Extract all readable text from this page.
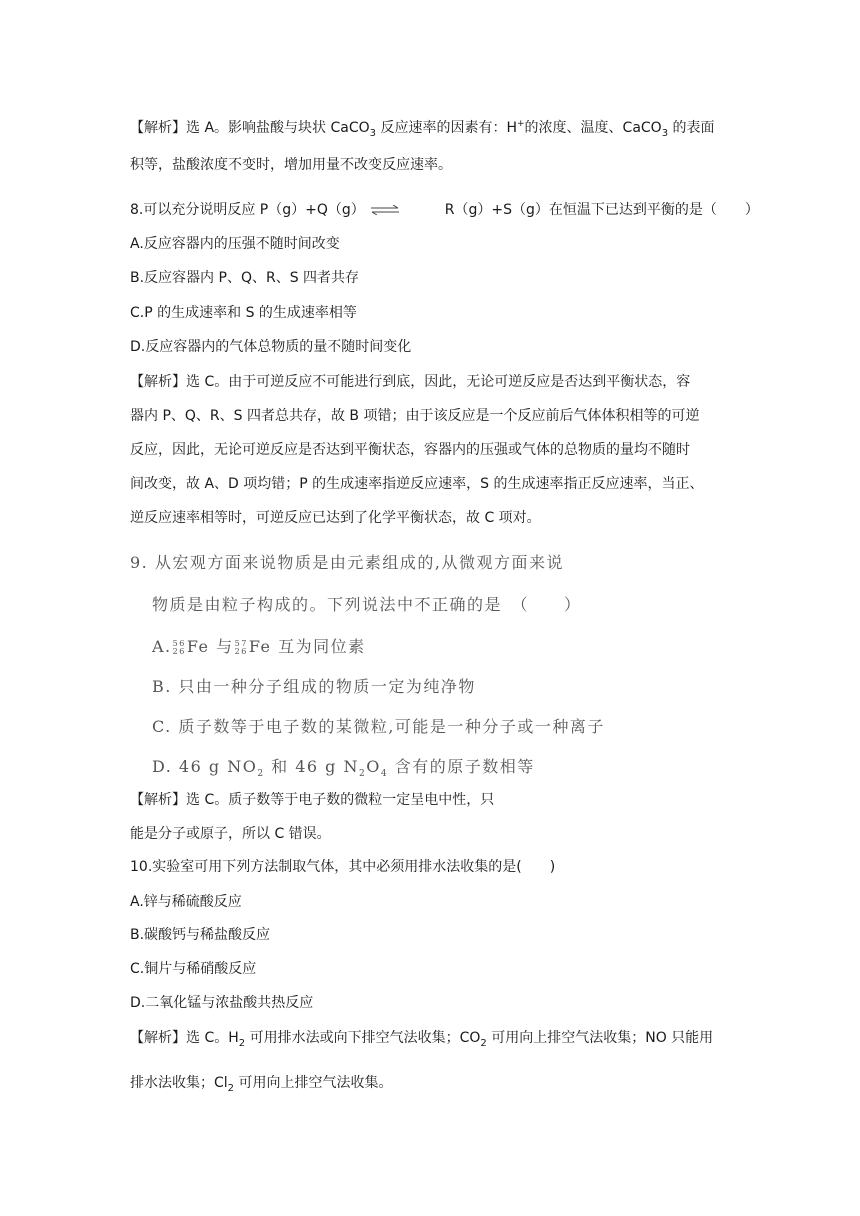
【解析】选 A。影响盐酸与块状 CaCO$_3$ 反应速率的因素有：H+的浓度、温度、CaCO$_3$ 的表面
积等，盐酸浓度不变时，增加用量不改变反应速率。
8.可以充分说明反应 P（g）+Q（g） ⇌	R（g）+S（g）在恒温下已达到平衡的是（　　）
A.反应容器内的压强不随时间改变
B.反应容器内 P、Q、R、S 四者共存
C.P 的生成速率和 S 的生成速率相等
D.反应容器内的气体总物质的量不随时间变化
【解析】选 C。由于可逆反应不可能进行到底，因此，无论可逆反应是否达到平衡状态，容
器内 P、Q、R、S 四者总共存，故 B 项错；由于该反应是一个反应前后气体体积相等的可逆
反应，因此，无论可逆反应是否达到平衡状态，容器内的压强或气体的总物质的量均不随时
间改变，故 A、D 项均错；P 的生成速率指逆反应速率，S 的生成速率指正反应速率，当正、
逆反应速率相等时，可逆反应已达到了化学平衡状态，故 C 项对。
9. 从宏观方面来说物质是由元素组成的,从微观方面来说
物质是由粒子构成的。下列说法中不正确的是　（　　）
A.56
26Fe 与57
26Fe 互为同位素
B. 只由一种分子组成的物质一定为纯净物
C. 质子数等于电子数的某微粒,可能是一种分子或一种离子
D. 46 g $NO_2$ 和 46 g $N_2O_4$ 含有的原子数相等
【解析】选 C。质子数等于电子数的微粒一定呈电中性，只
能是分子或原子，所以 C 错误。
10.实验室可用下列方法制取气体，其中必须用排水法收集的是(　　)
A.锌与稀硫酸反应
B.碳酸钙与稀盐酸反应
C.铜片与稀硝酸反应
D.二氧化锰与浓盐酸共热反应
【解析】选 C。$H_2$ 可用排水法或向下排空气法收集；$CO_2$ 可用向上排空气法收集；NO 只能用
排水法收集；$Cl_2$ 可用向上排空气法收集。
